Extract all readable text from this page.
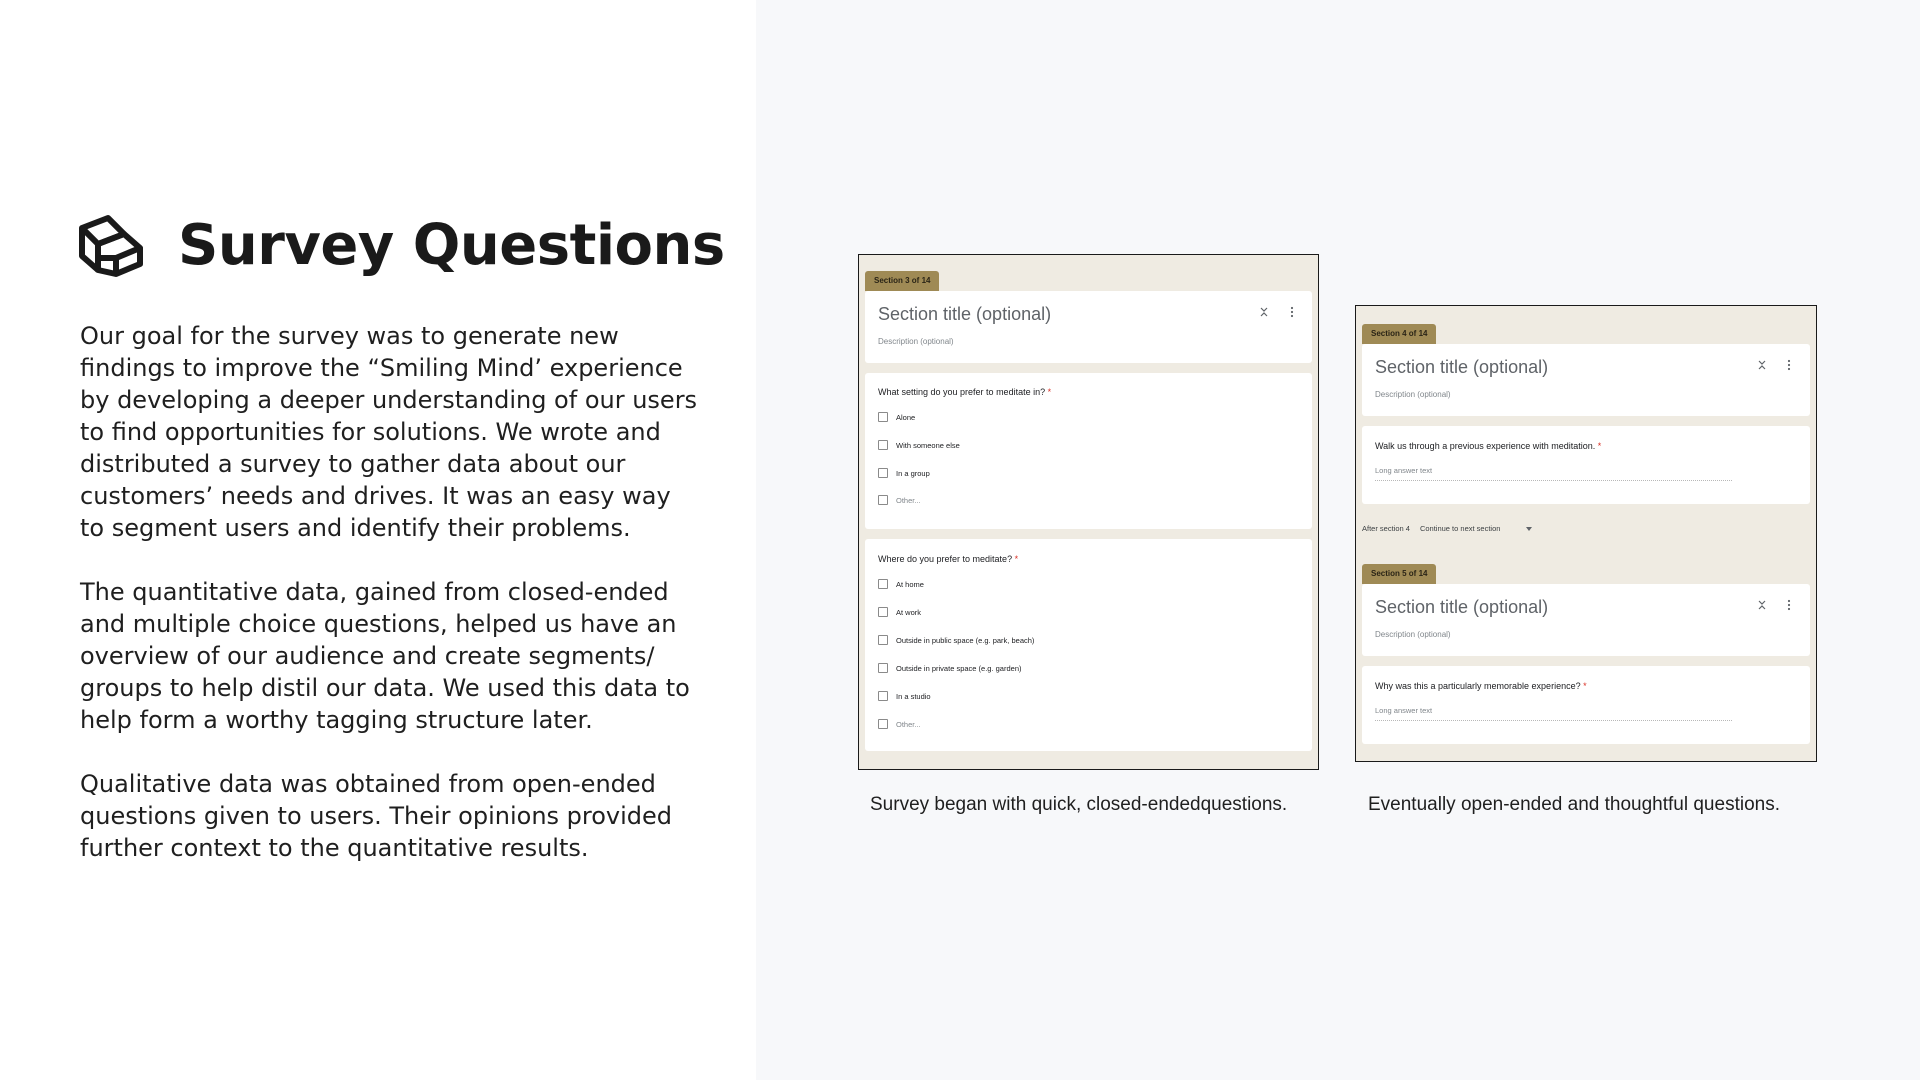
Survey Questions

Our goal for the survey was to generate new findings to improve the “Smiling Mind’ experience by developing a deeper understanding of our users to find opportunities for solutions. We wrote and distributed a survey to gather data about our customers’ needs and drives. It was an easy way to segment users and identify their problems.

The quantitative data, gained from closed-ended and multiple choice questions, helped us have an overview of our audience and create segments/ groups to help distil our data. We used this data to help form a worthy tagging structure later.

Qualitative data was obtained from open-ended questions given to users. Their opinions provided further context to the quantitative results.

Section 3 of 14
Section title (optional)
Description (optional)
What setting do you prefer to meditate in? *
Alone
With someone else
In a group
Other...
Where do you prefer to meditate? *
At home
At work
Outside in public space (e.g. park, beach)
Outside in private space (e.g. garden)
In a studio
Other...
Survey began with quick, closed-endedquestions.
Section 4 of 14
Section title (optional)
Description (optional)
Walk us through a previous experience with meditation. *
Long answer text
After section 4 Continue to next section
Section 5 of 14
Section title (optional)
Description (optional)
Why was this a particularly memorable experience? *
Long answer text
Eventually open-ended and thoughtful questions.
